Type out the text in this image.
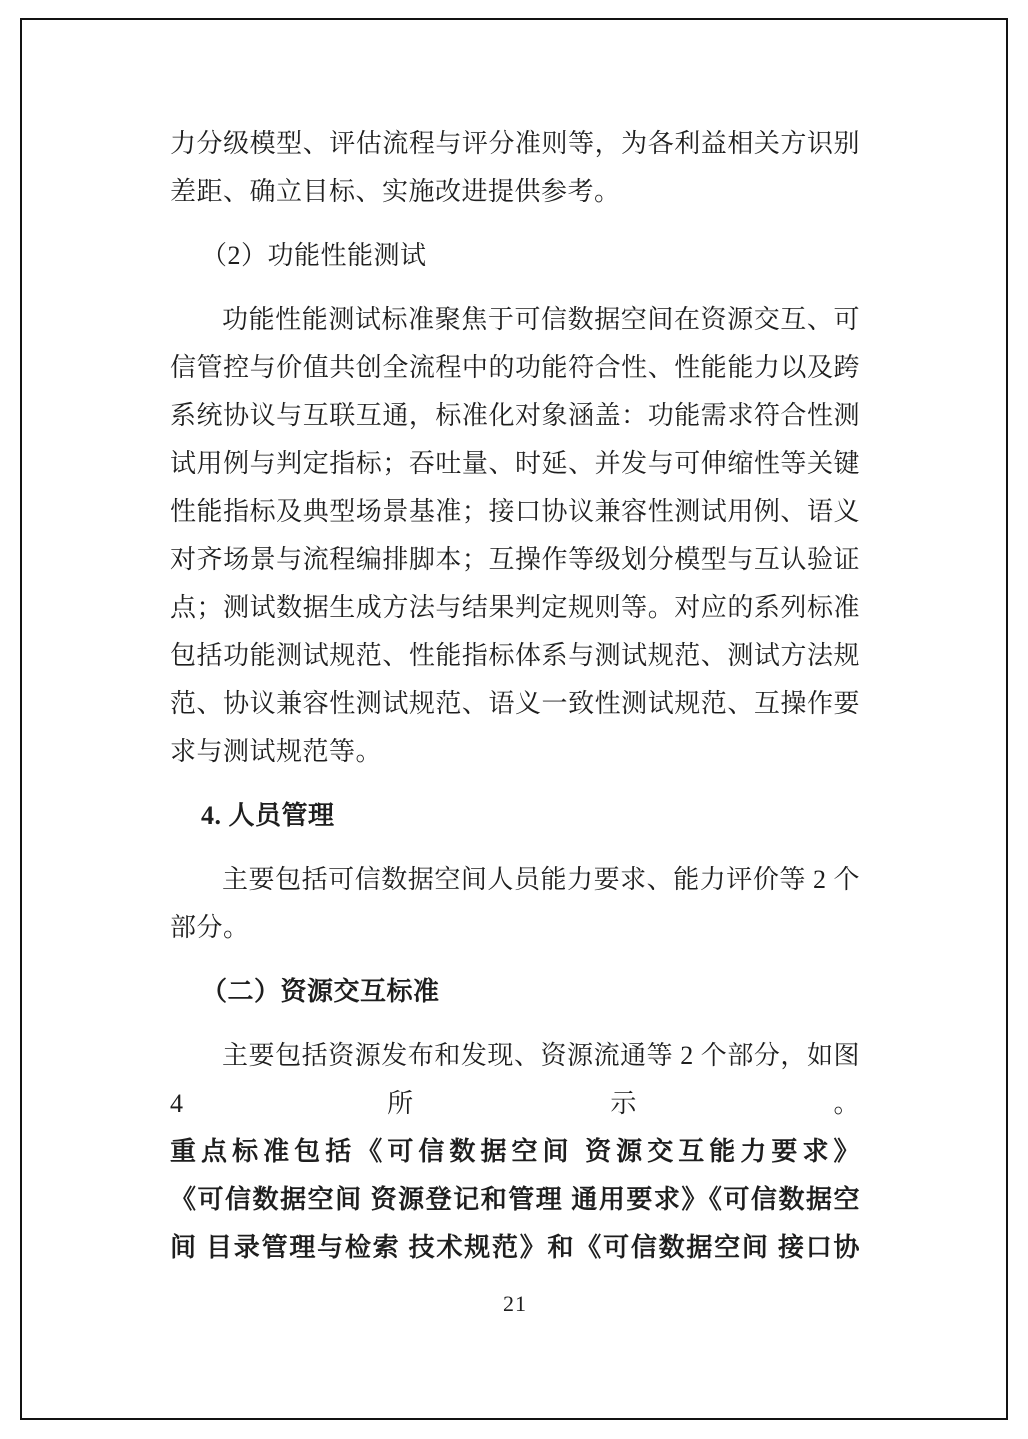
力分级模型、评估流程与评分准则等，为各利益相关方识别
差距、确立目标、实施改进提供参考。
（2）功能性能测试
功能性能测试标准聚焦于可信数据空间在资源交互、可
信管控与价值共创全流程中的功能符合性、性能能力以及跨
系统协议与互联互通，标准化对象涵盖：功能需求符合性测
试用例与判定指标；吞吐量、时延、并发与可伸缩性等关键
性能指标及典型场景基准；接口协议兼容性测试用例、语义
对齐场景与流程编排脚本；互操作等级划分模型与互认验证
点；测试数据生成方法与结果判定规则等。对应的系列标准
包括功能测试规范、性能指标体系与测试规范、测试方法规
范、协议兼容性测试规范、语义一致性测试规范、互操作要
求与测试规范等。
4. 人员管理
主要包括可信数据空间人员能力要求、能力评价等 2 个
部分。
（二）资源交互标准
主要包括资源发布和发现、资源流通等 2 个部分，如图
4 所示。重点标准包括《可信数据空间 资源交互能力要求》
《可信数据空间 资源登记和管理 通用要求》《可信数据空
间 目录管理与检索 技术规范》和《可信数据空间 接口协
21
